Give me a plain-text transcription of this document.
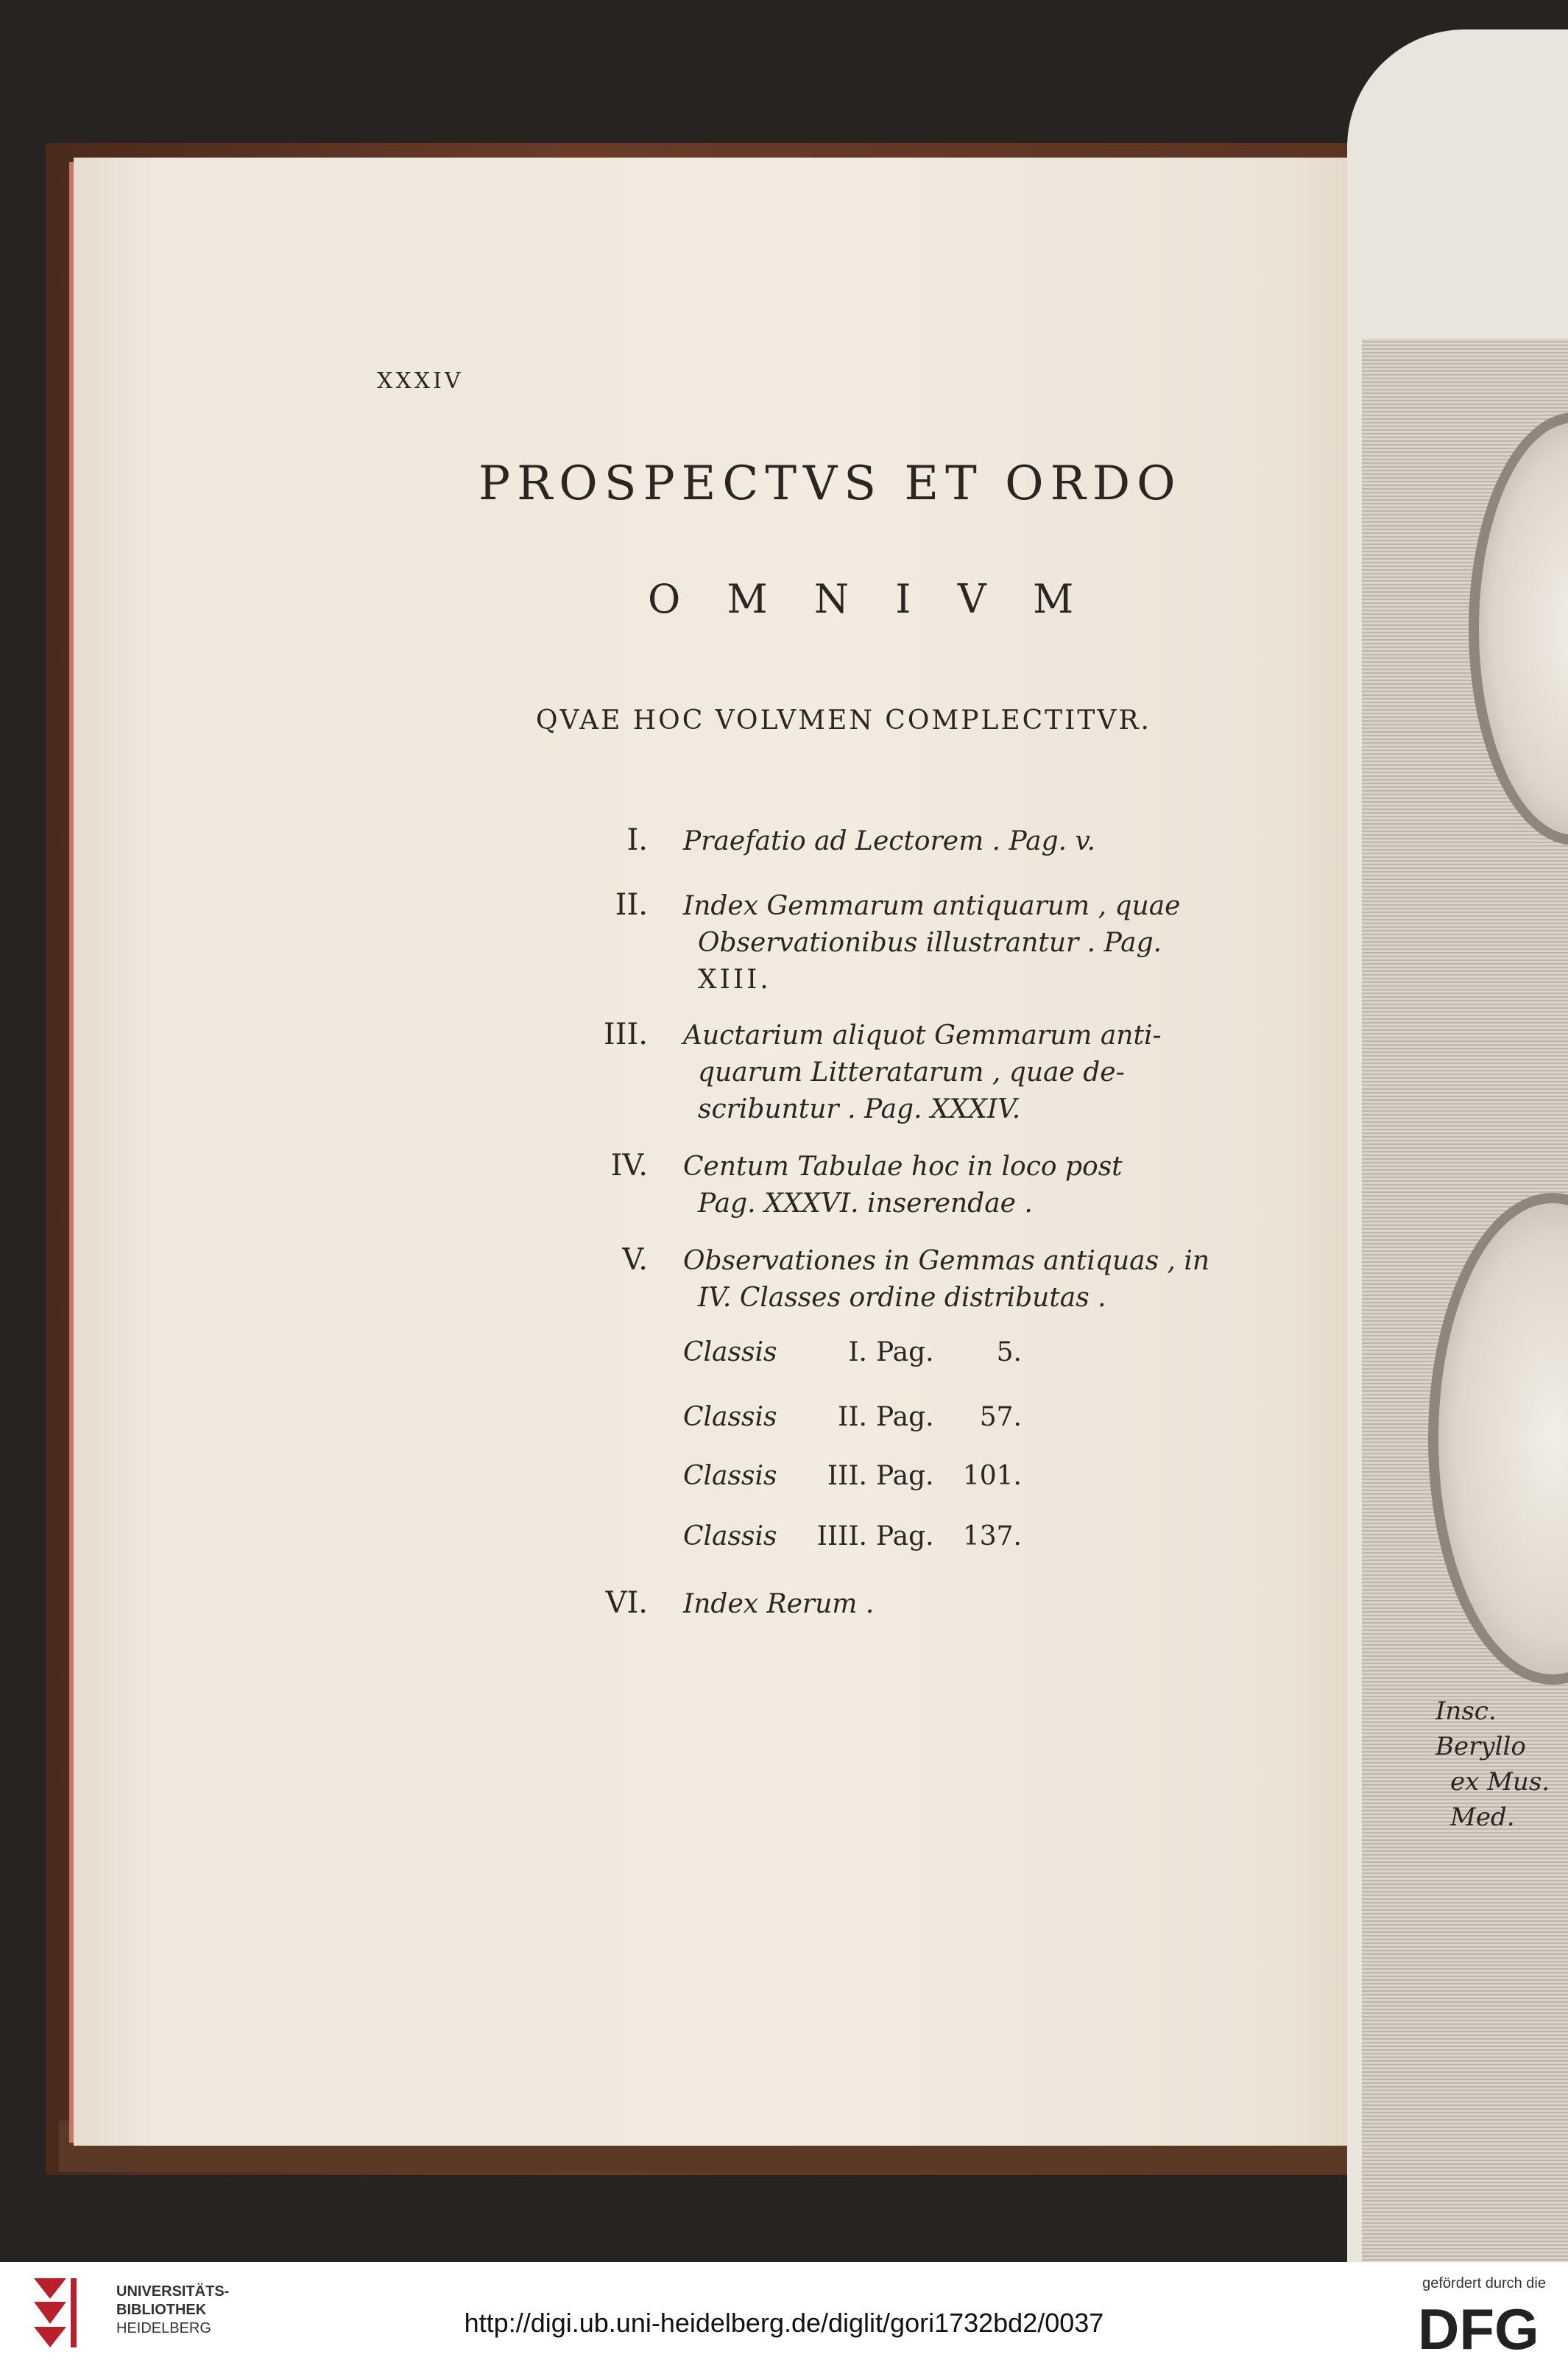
XXXIV
PROSPECTVS ET ORDO
O M N I V M
QVAE HOC VOLVMEN COMPLECTITVR.
I. Praefatio ad Lectorem . Pag. v.
II. Index Gemmarum antiquarum , quae
Observationibus illustrantur . Pag.
XIII.
III. Auctarium aliquot Gemmarum anti-
quarum Litteratarum , quae de-
scribuntur . Pag. XXXIV.
IV. Centum Tabulae hoc in loco post
Pag. XXXVI. inserendae .
V. Observationes in Gemmas antiquas , in
IV. Classes ordine distributas .
Classis	I. Pag.	5.
Classis	II. Pag.	57.
Classis	III. Pag. 101.
Classis IIII. Pag. 137.
VI. Index Rerum .
Insc. Beryllo
ex Mus. Med.
UNIVERSITÄTS-
BIBLIOTHEK
HEIDELBERG	http://digi.ub.uni-heidelberg.de/diglit/gori1732bd2/0037
gefördert durch die
DFG
